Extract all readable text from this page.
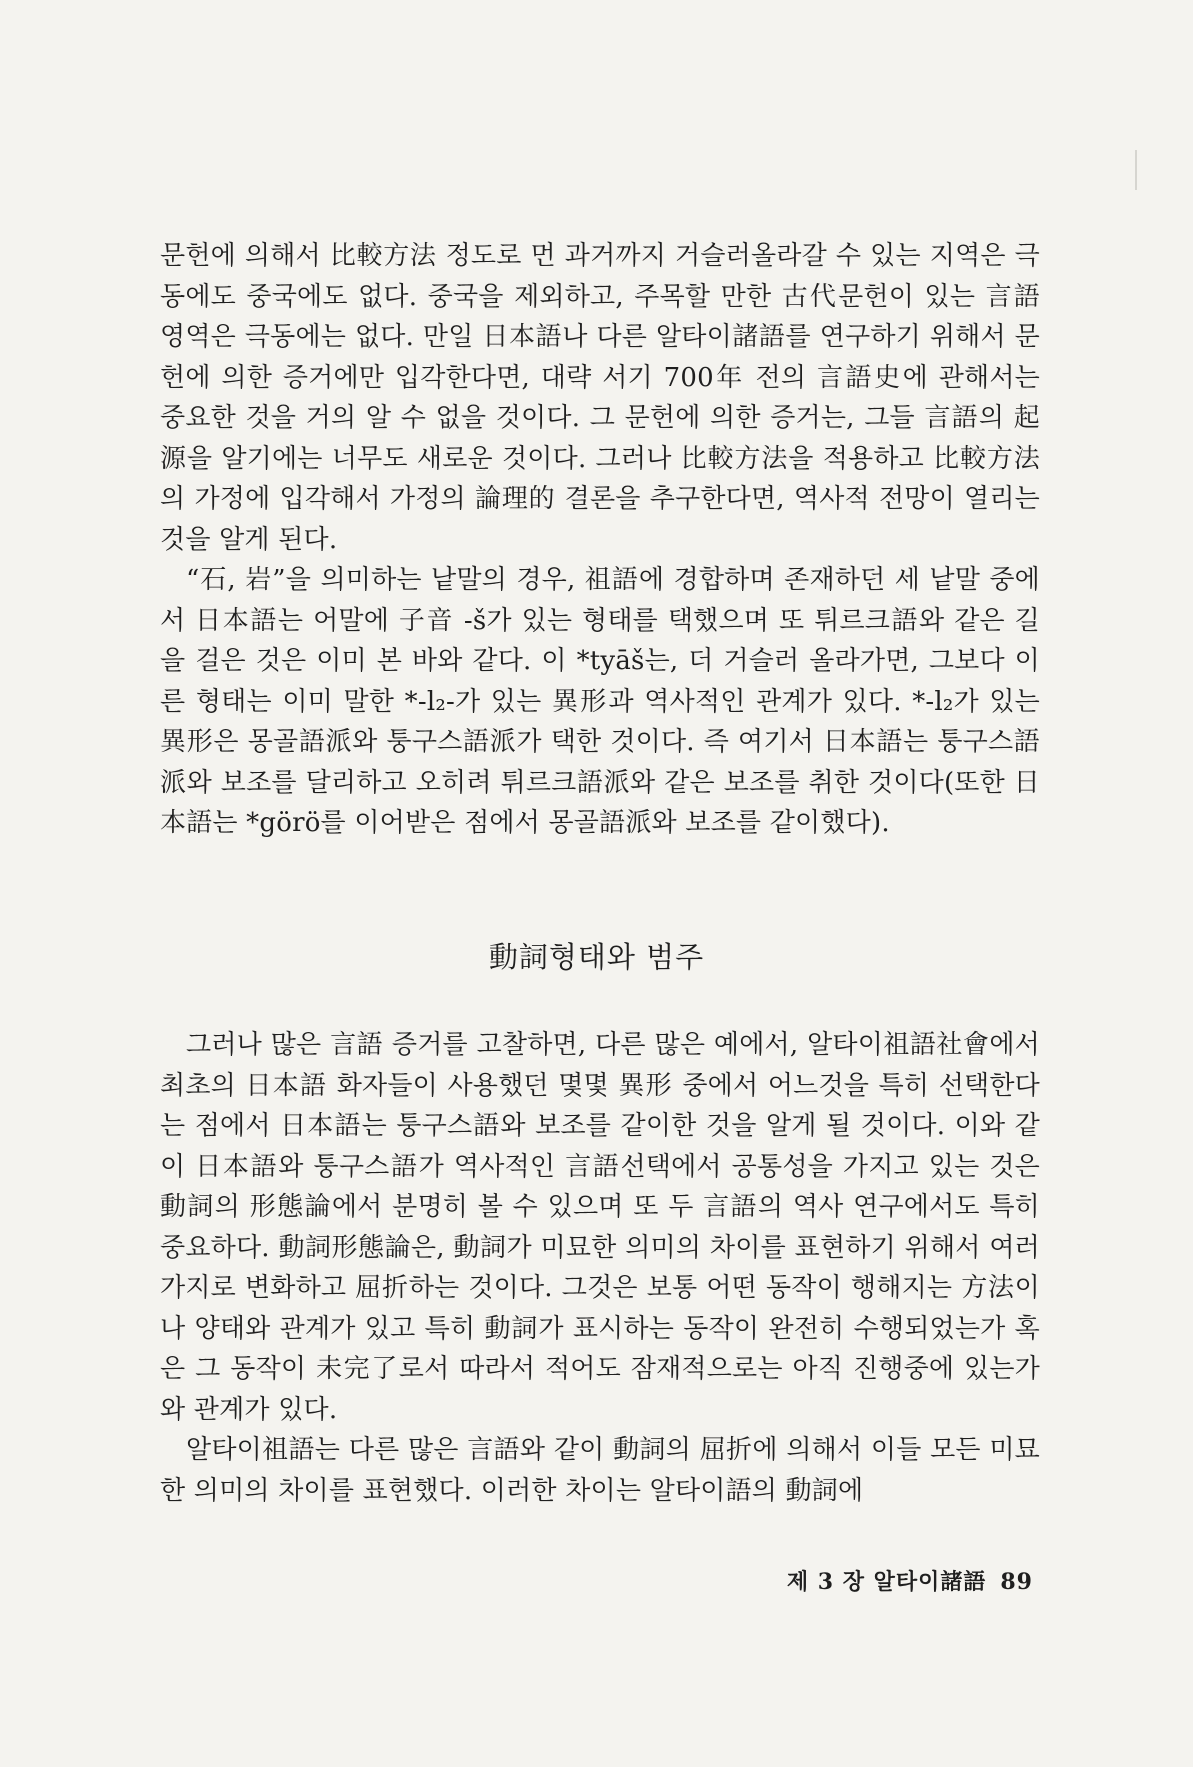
문헌에 의해서 比較方法 정도로 먼 과거까지 거슬러올라갈 수 있는 지역은 극동에도 중국에도 없다. 중국을 제외하고, 주목할 만한 古代문헌이 있는 言語영역은 극동에는 없다. 만일 日本語나 다른 알타이諸語를 연구하기 위해서 문헌에 의한 증거에만 입각한다면, 대략 서기 700年 전의 言語史에 관해서는 중요한 것을 거의 알 수 없을 것이다. 그 문헌에 의한 증거는, 그들 言語의 起源을 알기에는 너무도 새로운 것이다. 그러나 比較方法을 적용하고 比較方法의 가정에 입각해서 가정의 論理的 결론을 추구한다면, 역사적 전망이 열리는 것을 알게 된다.

“石, 岩”을 의미하는 낱말의 경우, 祖語에 경합하며 존재하던 세 낱말 중에서 日本語는 어말에 子音 -š가 있는 형태를 택했으며 또 튀르크語와 같은 길을 걸은 것은 이미 본 바와 같다. 이 *tyāš는, 더 거슬러 올라가면, 그보다 이른 형태는 이미 말한 *-l₂-가 있는 異形과 역사적인 관계가 있다. *-l₂가 있는 異形은 몽골語派와 퉁구스語派가 택한 것이다. 즉 여기서 日本語는 퉁구스語派와 보조를 달리하고 오히려 튀르크語派와 같은 보조를 취한 것이다(또한 日本語는 *görö를 이어받은 점에서 몽골語派와 보조를 같이했다).

動詞형태와 범주

그러나 많은 言語 증거를 고찰하면, 다른 많은 예에서, 알타이祖語社會에서 최초의 日本語 화자들이 사용했던 몇몇 異形 중에서 어느것을 특히 선택한다는 점에서 日本語는 퉁구스語와 보조를 같이한 것을 알게 될 것이다. 이와 같이 日本語와 퉁구스語가 역사적인 言語선택에서 공통성을 가지고 있는 것은 動詞의 形態論에서 분명히 볼 수 있으며 또 두 言語의 역사 연구에서도 특히 중요하다. 動詞形態論은, 動詞가 미묘한 의미의 차이를 표현하기 위해서 여러 가지로 변화하고 屈折하는 것이다. 그것은 보통 어떤 동작이 행해지는 方法이나 양태와 관계가 있고 특히 動詞가 표시하는 동작이 완전히 수행되었는가 혹은 그 동작이 未完了로서 따라서 적어도 잠재적으로는 아직 진행중에 있는가와 관계가 있다.

알타이祖語는 다른 많은 言語와 같이 動詞의 屈折에 의해서 이들 모든 미묘한 의미의 차이를 표현했다. 이러한 차이는 알타이語의 動詞에

제 3 장 알타이諸語 89
